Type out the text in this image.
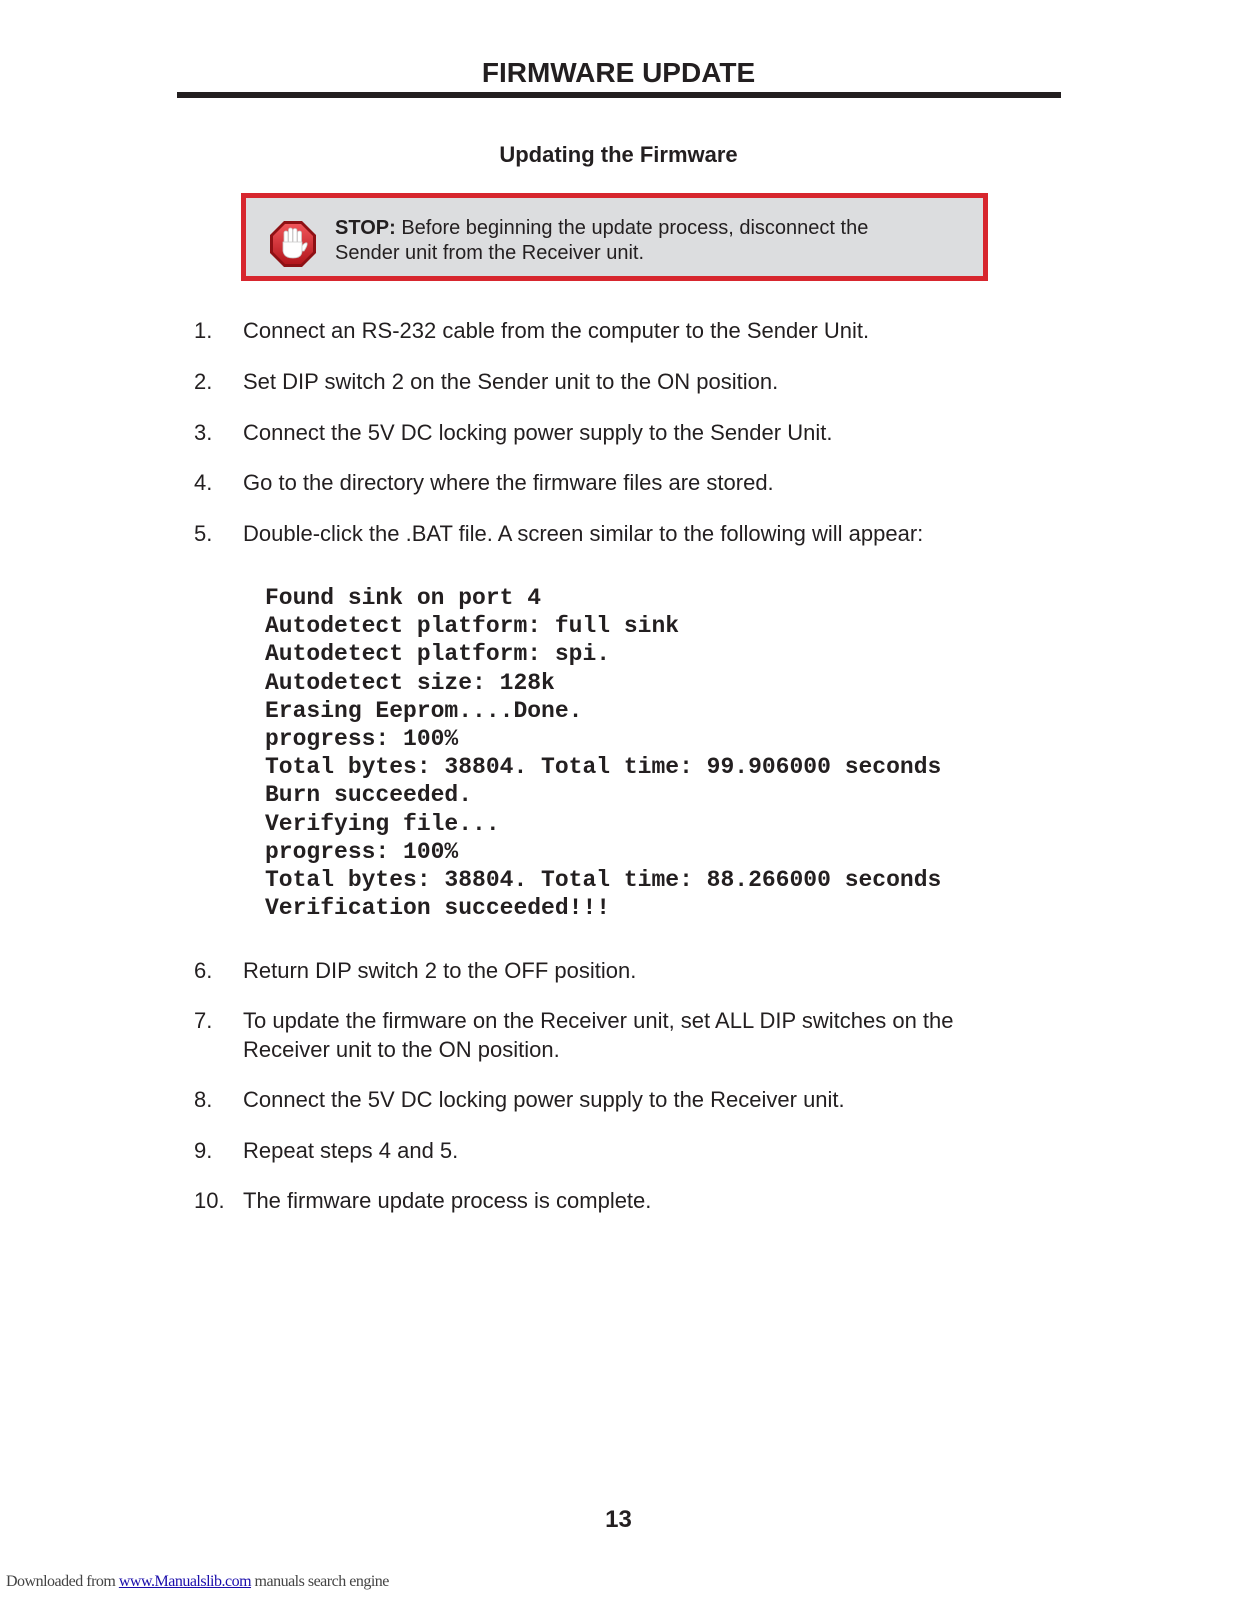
FIRMWARE UPDATE
Updating the Firmware
STOP: Before beginning the update process, disconnect the Sender unit from the Receiver unit.
1.	Connect an RS-232 cable from the computer to the Sender Unit.
2.	Set DIP switch 2 on the Sender unit to the ON position.
3.	Connect the 5V DC locking power supply to the Sender Unit.
4.	Go to the directory where the firmware files are stored.
5.	Double-click the .BAT file. A screen similar to the following will appear:
6.	Return DIP switch 2 to the OFF position.
7.	To update the firmware on the Receiver unit, set ALL DIP switches on the Receiver unit to the ON position.
8.	Connect the 5V DC locking power supply to the Receiver unit.
9.	Repeat steps 4 and 5.
10. The firmware update process is complete.
Found sink on port 4
Autodetect platform: full sink
Autodetect platform: spi.
Autodetect size: 128k
Erasing Eeprom....Done.
progress: 100%
Total bytes: 38804. Total time: 99.906000 seconds
Burn succeeded.
Verifying file...
progress: 100%
Total bytes: 38804. Total time: 88.266000 seconds
Verification succeeded!!!
13
Downloaded from www.Manualslib.com manuals search engine
